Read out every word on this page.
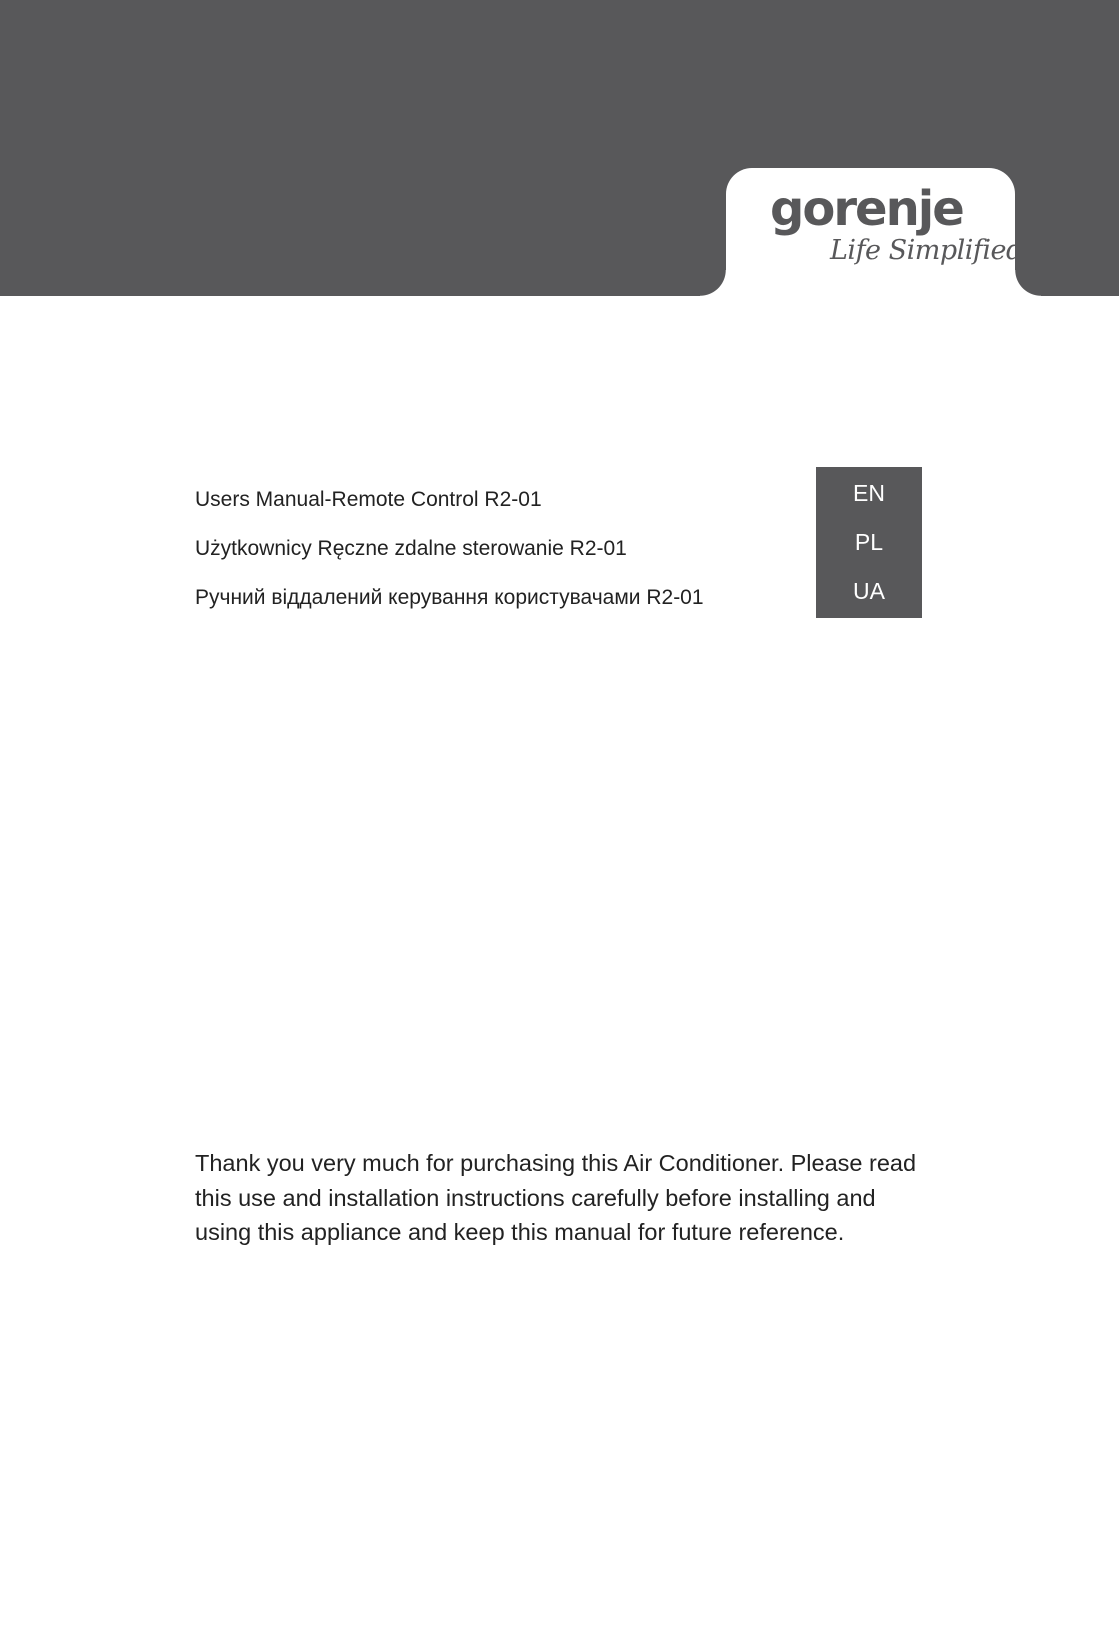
gorenje
Life Simplified
Users Manual-Remote Control R2-01
Użytkownicy Ręczne zdalne sterowanie R2-01
Ручний віддалений керування користувачами R2-01
EN
PL
UA
Thank you very much for purchasing this Air Conditioner. Please read
this use and installation instructions carefully before installing and
using this appliance and keep this manual for future reference.
